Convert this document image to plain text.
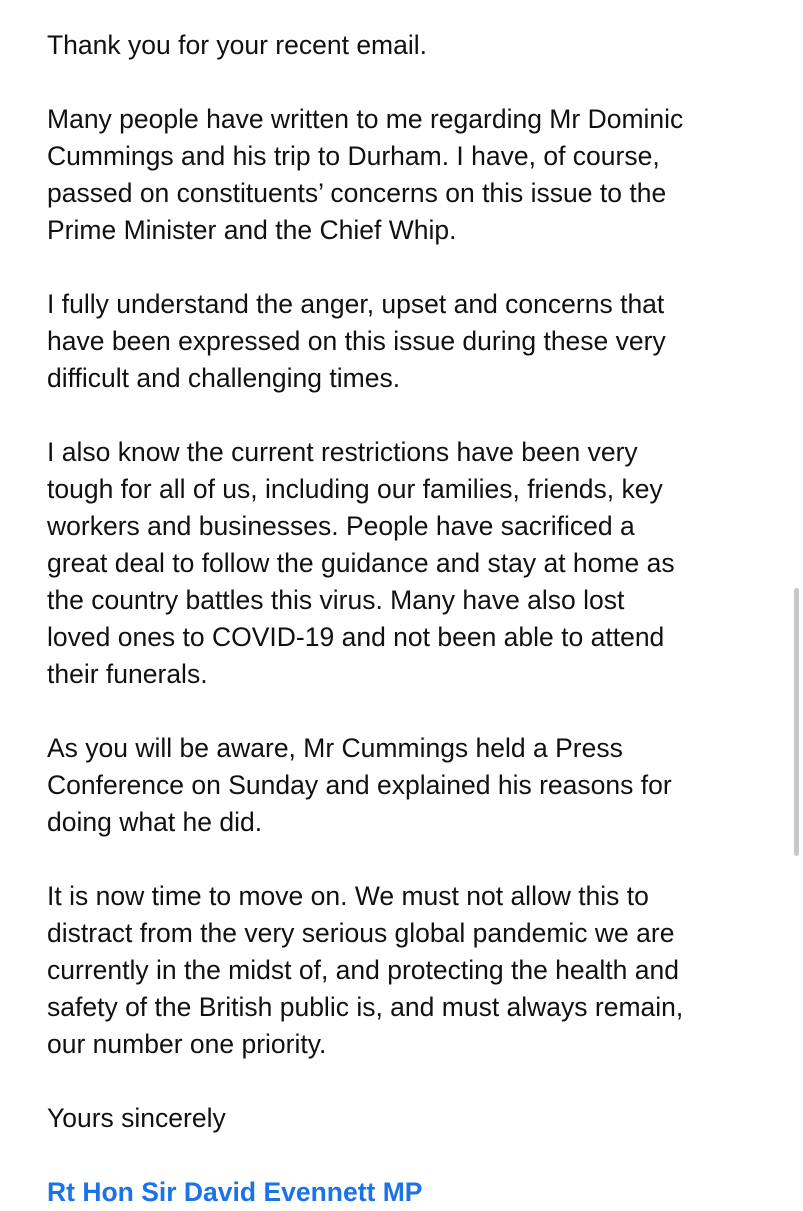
Thank you for your recent email.

Many people have written to me regarding Mr Dominic
Cummings and his trip to Durham. I have, of course,
passed on constituents’ concerns on this issue to the
Prime Minister and the Chief Whip.

I fully understand the anger, upset and concerns that
have been expressed on this issue during these very
difficult and challenging times.

I also know the current restrictions have been very
tough for all of us, including our families, friends, key
workers and businesses. People have sacrificed a
great deal to follow the guidance and stay at home as
the country battles this virus. Many have also lost
loved ones to COVID-19 and not been able to attend
their funerals.

As you will be aware, Mr Cummings held a Press
Conference on Sunday and explained his reasons for
doing what he did.

It is now time to move on. We must not allow this to
distract from the very serious global pandemic we are
currently in the midst of, and protecting the health and
safety of the British public is, and must always remain,
our number one priority.

Yours sincerely

Rt Hon Sir David Evennett MP
